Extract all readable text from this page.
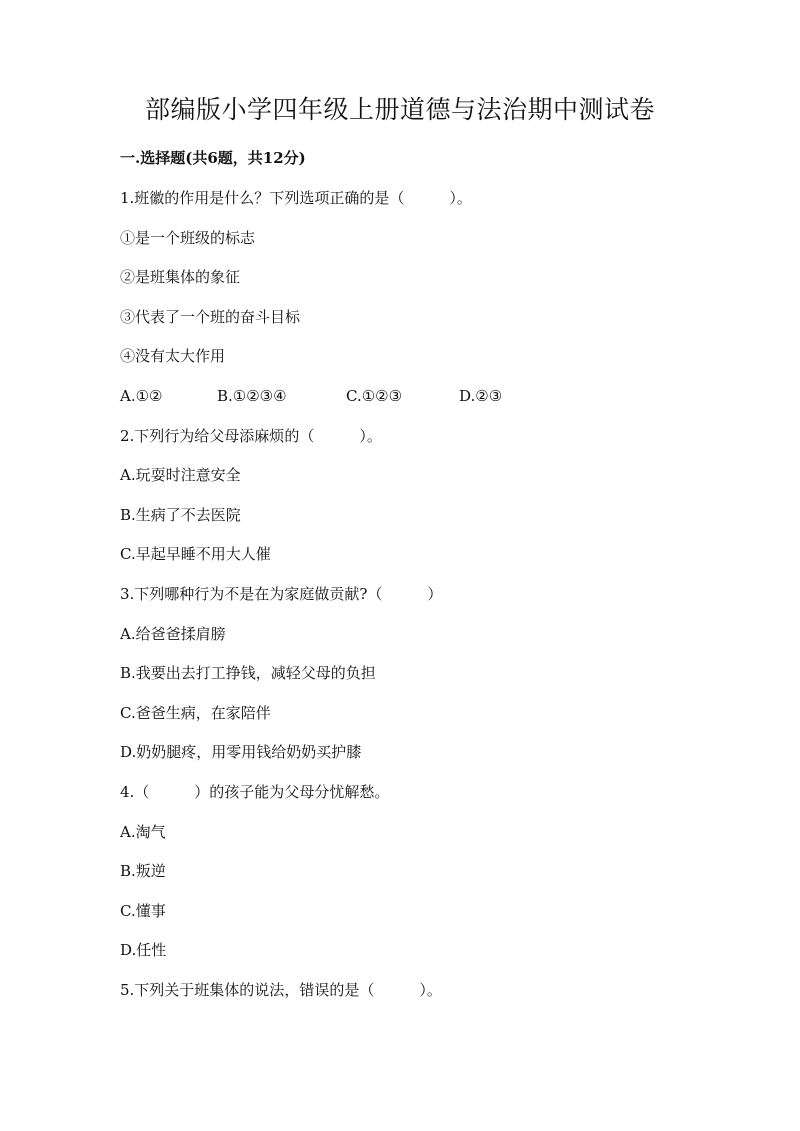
部编版小学四年级上册道德与法治期中测试卷
一.选择题(共6题，共12分)
1.班徽的作用是什么？下列选项正确的是（　　　）。
①是一个班级的标志
②是班集体的象征
③代表了一个班的奋斗目标
④没有太大作用
A.①②	B.①②③④	C.①②③	D.②③
2.下列行为给父母添麻烦的（　　　）。
A.玩耍时注意安全
B.生病了不去医院
C.早起早睡不用大人催
3.下列哪种行为不是在为家庭做贡献?（　　　）
A.给爸爸揉肩膀
B.我要出去打工挣钱，减轻父母的负担
C.爸爸生病，在家陪伴
D.奶奶腿疼，用零用钱给奶奶买护膝
4.（　　　）的孩子能为父母分忧解愁。
A.淘气
B.叛逆
C.懂事
D.任性
5.下列关于班集体的说法，错误的是（　　　）。
